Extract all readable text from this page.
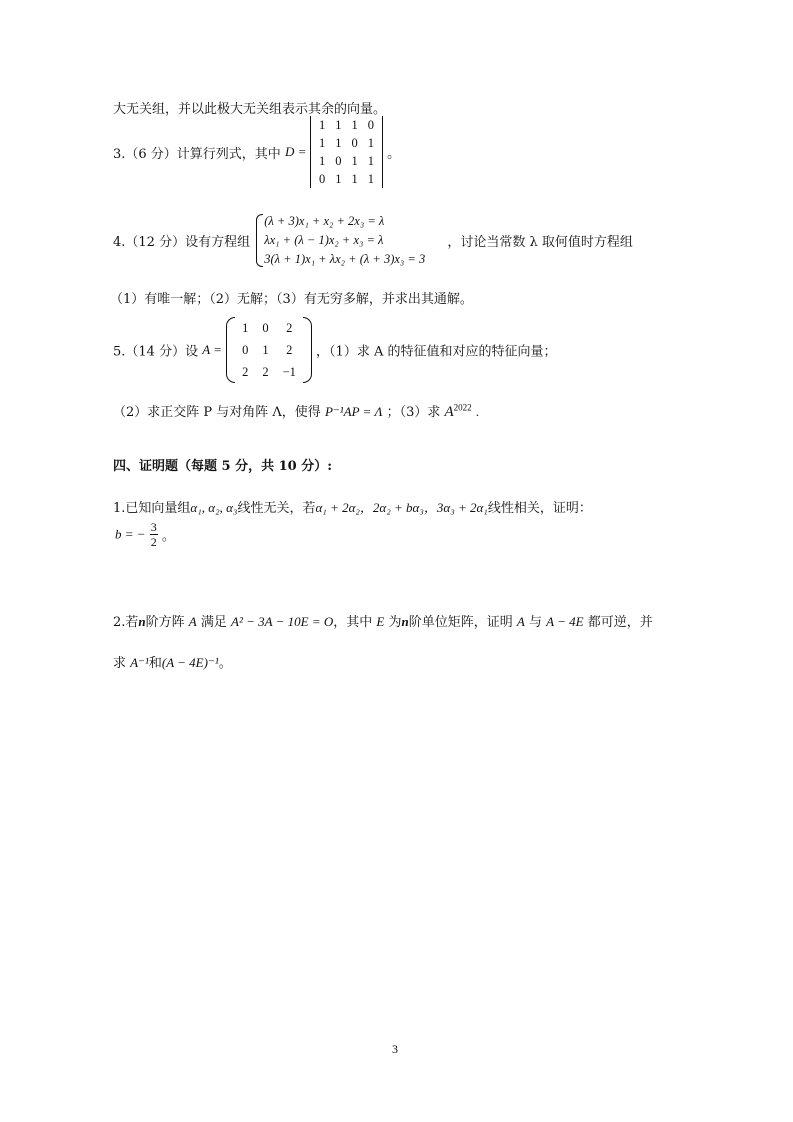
大无关组，并以此极大无关组表示其余的向量。
3.（6 分）计算行列式，其中 D =
1	1	1	0
1	1	0	1
1	0	1	1
0	1	1	1
。
4.（12 分）设有方程组
(λ + 3)x₁ + x₂ + 2x₃ = λ
λx₁ + (λ − 1)x₂ + x₃ = λ
3(λ + 1)x₁ + λx₂ + (λ + 3)x₃ = 3
，讨论当常数 λ 取何值时方程组
（1）有唯一解；（2）无解；（3）有无穷多解，并求出其通解。
5.（14 分）设 A =
1	0	2
0	1	2
2	2	−1
，（1）求 A 的特征值和对应的特征向量；
（2）求正交阵 P 与对角阵 Λ，使得 P⁻¹AP = Λ ；（3）求 $A^{2022}$ .
四、证明题（每题 5 分，共 10 分）:
1.已知向量组α₁, α₂, α₃线性无关，若α₁ + 2α₂，2α₂ + bα₃，3α₃ + 2α₁线性相关，证明：
b = − $\frac{3}{2}$ 。
2.若n阶方阵 A 满足 A² − 3A − 10E = O，其中 E 为n阶单位矩阵，证明 A 与 A − 4E 都可逆，并
求 A⁻¹和(A − 4E)⁻¹。
3
